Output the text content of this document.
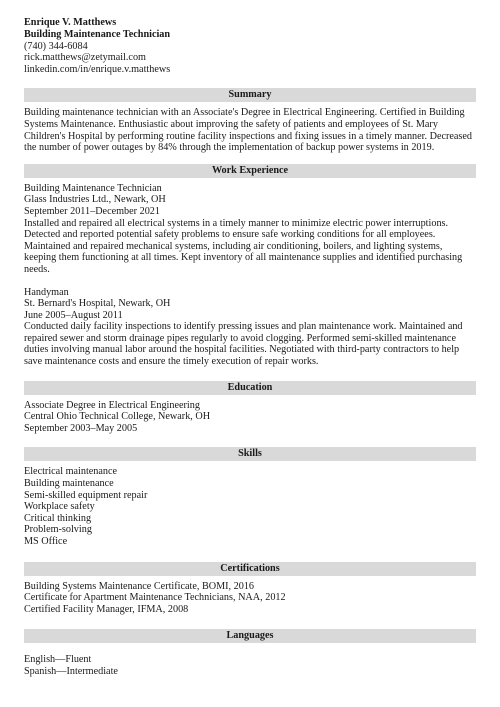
Enrique V. Matthews
Building Maintenance Technician
(740) 344-6084
rick.matthews@zetymail.com
linkedin.com/in/enrique.v.matthews
Summary

Building maintenance technician with an Associate's Degree in Electrical Engineering. Certified in Building Systems Maintenance. Enthusiastic about improving the safety of patients and employees of St. Mary Children's Hospital by performing routine facility inspections and fixing issues in a timely manner. Decreased the number of power outages by 84% through the implementation of backup power systems in 2019.

Work Experience
Building Maintenance Technician
Glass Industries Ltd., Newark, OH
September 2011–December 2021

Installed and repaired all electrical systems in a timely manner to minimize electric power interruptions. Detected and reported potential safety problems to ensure safe working conditions for all employees. Maintained and repaired mechanical systems, including air conditioning, boilers, and lighting systems, keeping them functioning at all times. Kept inventory of all maintenance supplies and identified purchasing needs.

Handyman
St. Bernard's Hospital, Newark, OH
June 2005–August 2011

Conducted daily facility inspections to identify pressing issues and plan maintenance work. Maintained and repaired sewer and storm drainage pipes regularly to avoid clogging. Performed semi-skilled maintenance duties involving manual labor around the hospital facilities. Negotiated with third-party contractors to help save maintenance costs and ensure the timely execution of repair works.

Education
Associate Degree in Electrical Engineering
Central Ohio Technical College, Newark, OH
September 2003–May 2005
Skills
Electrical maintenance
Building maintenance
Semi-skilled equipment repair
Workplace safety
Critical thinking
Problem-solving
MS Office
Certifications
Building Systems Maintenance Certificate, BOMI, 2016
Certificate for Apartment Maintenance Technicians, NAA, 2012
Certified Facility Manager, IFMA, 2008
Languages
English—Fluent
Spanish—Intermediate
